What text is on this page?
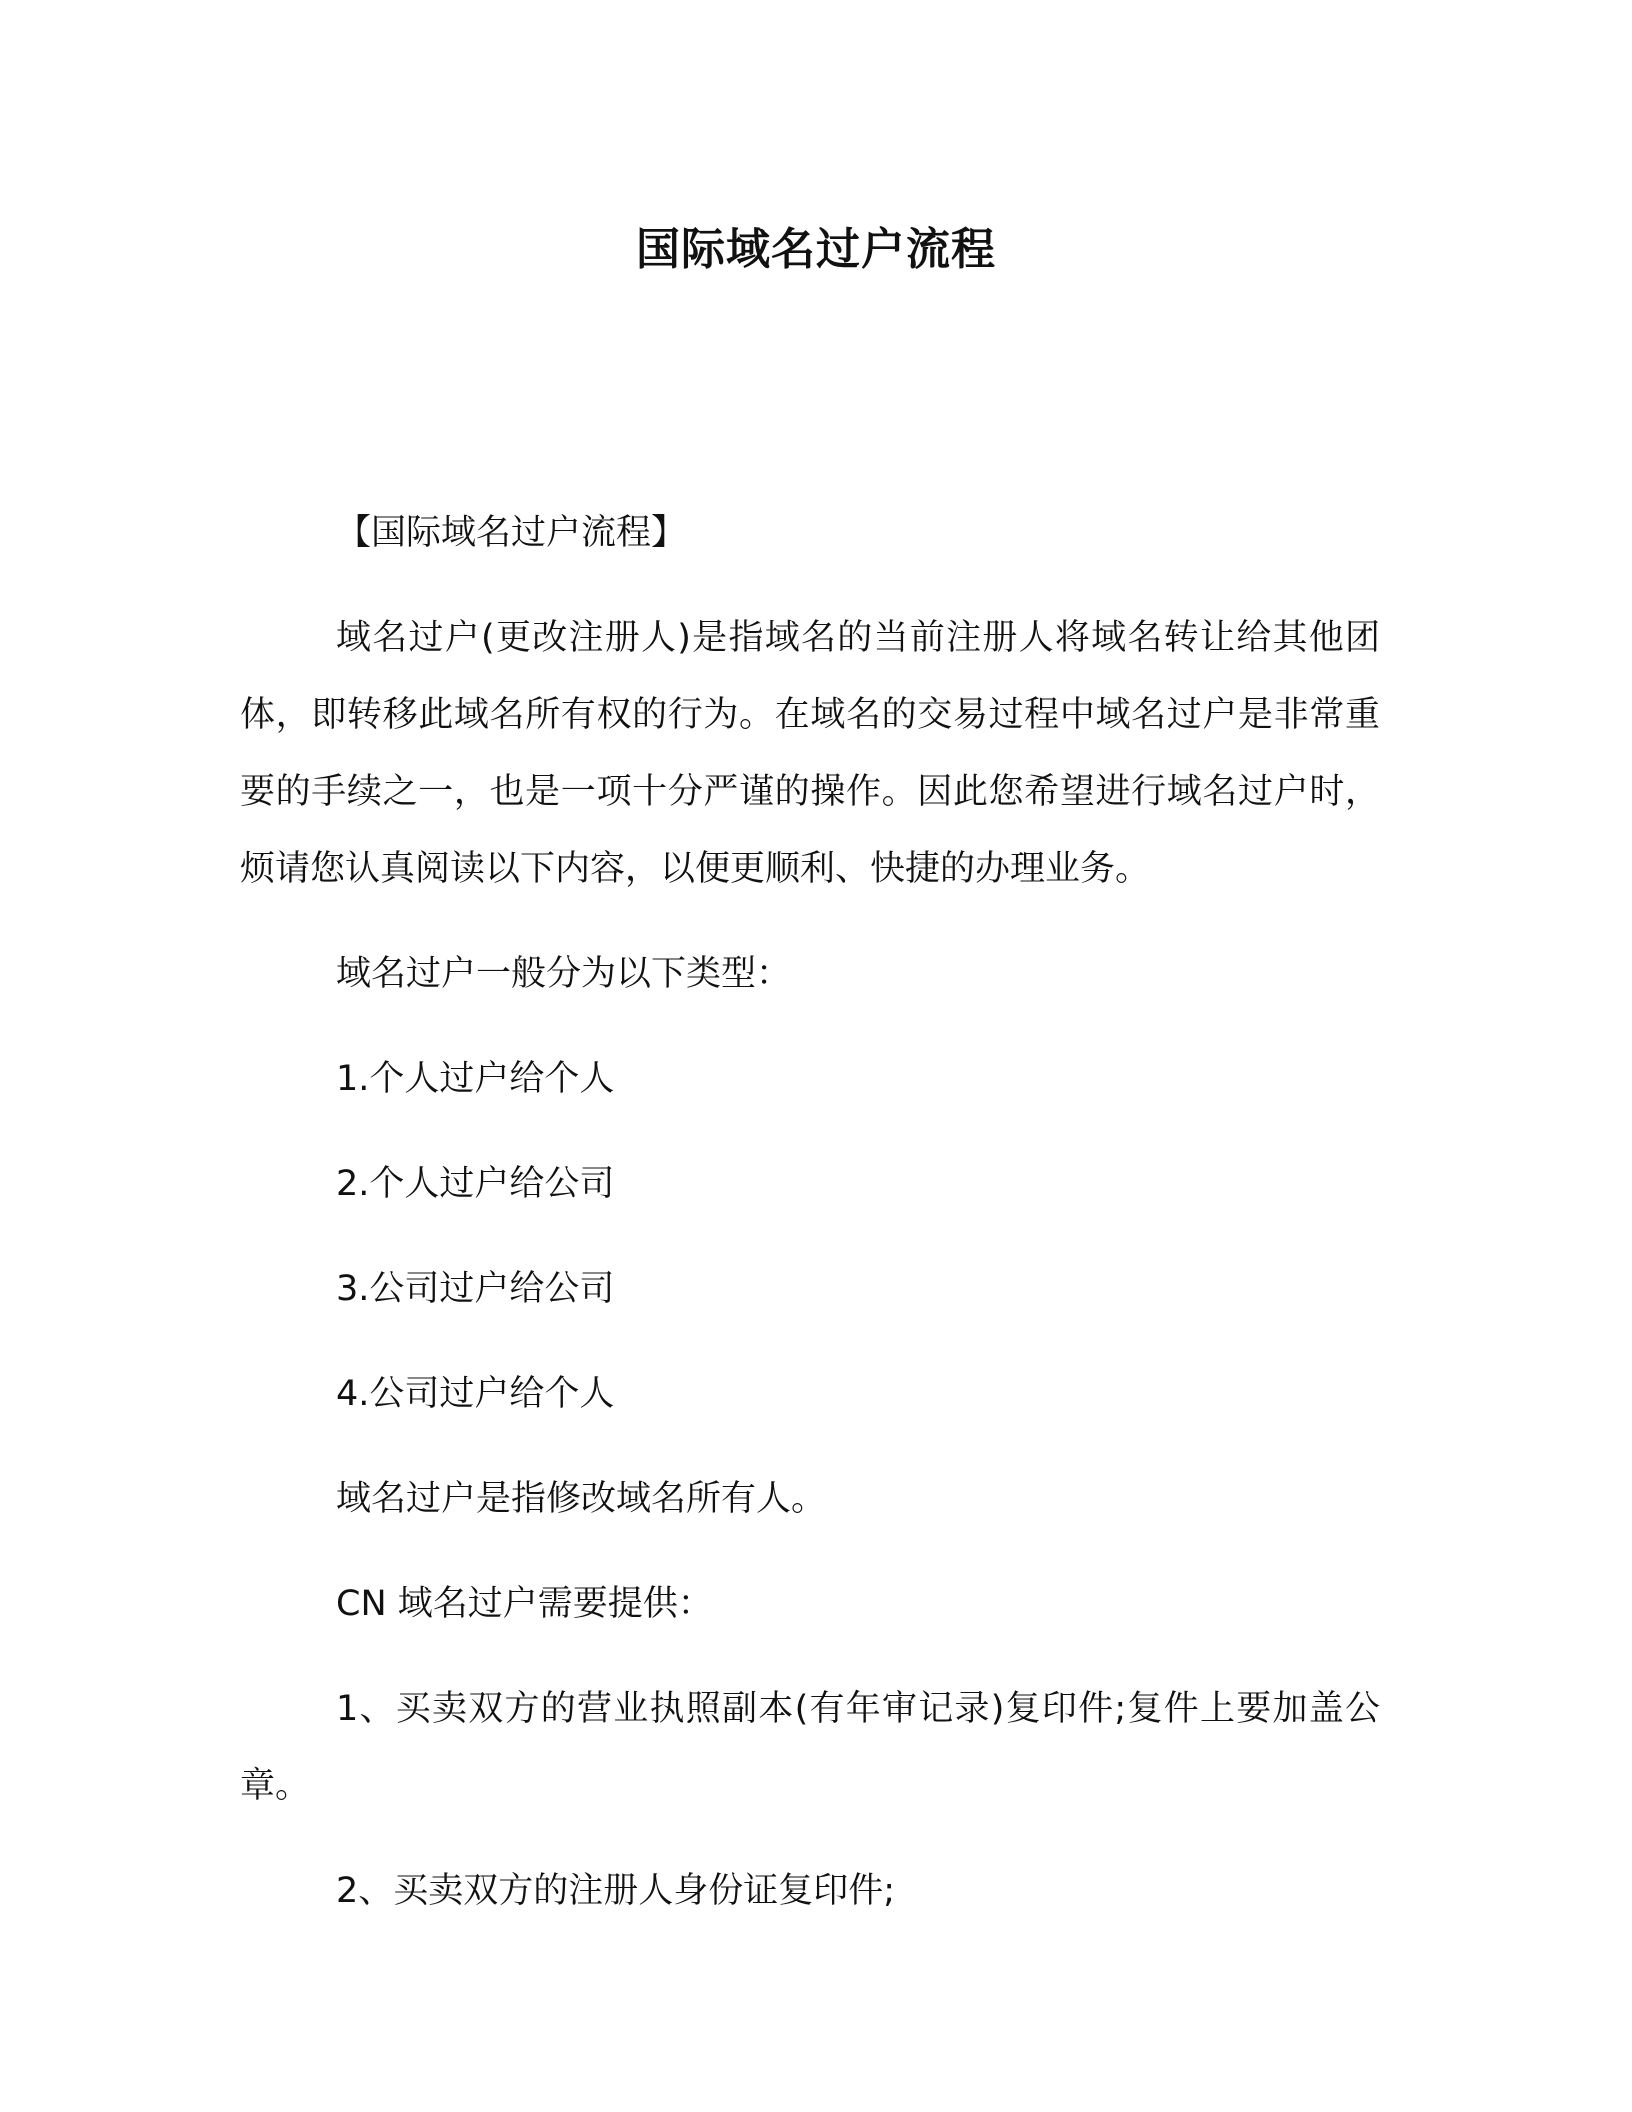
国际域名过户流程

【国际域名过户流程】

域名过户(更改注册人)是指域名的当前注册人将域名转让给其他团体，即转移此域名所有权的行为。在域名的交易过程中域名过户是非常重要的手续之一，也是一项十分严谨的操作。因此您希望进行域名过户时，烦请您认真阅读以下内容，以便更顺利、快捷的办理业务。

域名过户一般分为以下类型：

1.个人过户给个人

2.个人过户给公司

3.公司过户给公司

4.公司过户给个人

域名过户是指修改域名所有人。

CN 域名过户需要提供：

1、买卖双方的营业执照副本(有年审记录)复印件;复件上要加盖公章。

2、买卖双方的注册人身份证复印件;
